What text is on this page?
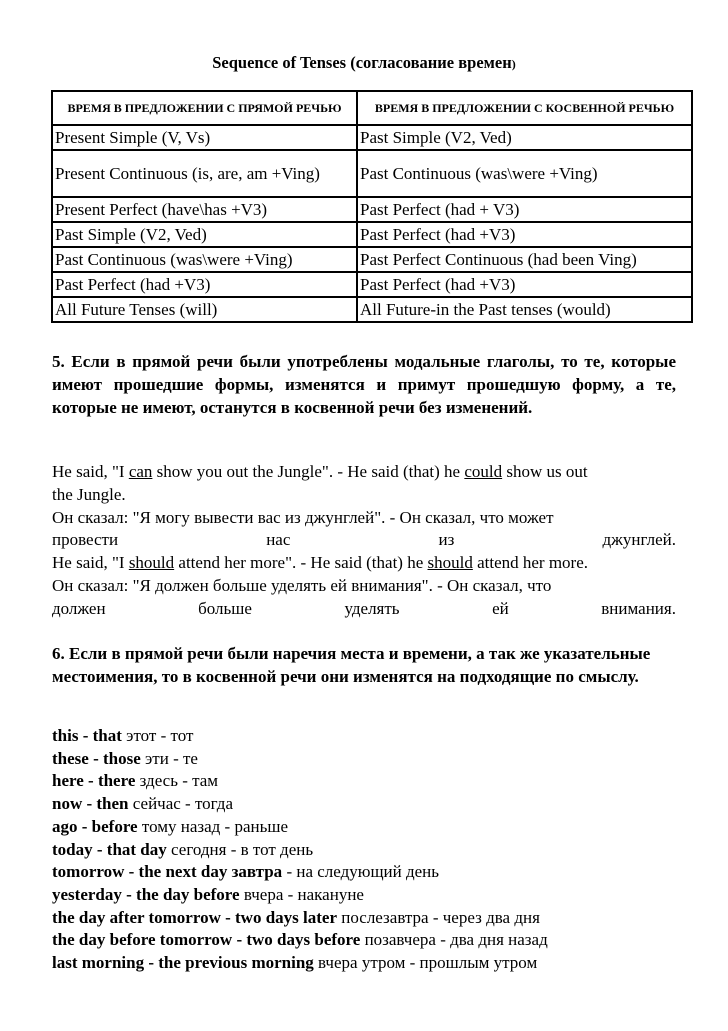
Sequence of Tenses (согласование времен)
ВРЕМЯ В ПРЕДЛОЖЕНИИ С ПРЯМОЙ РЕЧЬЮ	ВРЕМЯ В ПРЕДЛОЖЕНИИ С КОСВЕННОЙ РЕЧЬЮ
Present Simple (V, Vs)	Past Simple (V2, Ved)
Present Continuous (is, are, am +Ving)	Past Continuous (was\were +Ving)
Present Perfect (have\has +V3)	Past Perfect (had + V3)
Past Simple (V2, Ved)	Past Perfect (had +V3)
Past Continuous (was\were +Ving)	Past Perfect Continuous (had been Ving)
Past Perfect (had +V3)	Past Perfect (had +V3)
All Future Tenses (will)	All Future-in the Past tenses (would)
5. Если в прямой речи были употреблены модальные глаголы, то те, которые имеют прошедшие формы, изменятся и примут прошедшую форму, а те, которые не имеют, останутся в косвенной речи без изменений.
He said, "I can show you out the Jungle". - He said (that) he could show us out
the Jungle.
Он сказал: "Я могу вывести вас из джунглей". - Он сказал, что может
провести	нас	из	джунглей.
He said, "I should attend her more". - He said (that) he should attend her more.
Он сказал: "Я должен больше уделять ей внимания". - Он сказал, что
должен	больше	уделять	ей	внимания.
6. Если в прямой речи были наречия места и времени, а так же указательные местоимения, то в косвенной речи они изменятся на подходящие по смыслу.
this - that этот - тот
these - those эти - те
here - there здесь - там
now - then сейчас - тогда
ago - before тому назад - раньше
today - that day сегодня - в тот день
tomorrow - the next day завтра - на следующий день
yesterday - the day before вчера - накануне
the day after tomorrow - two days later послезавтра - через два дня
the day before tomorrow - two days before позавчера - два дня назад
last morning - the previous morning вчера утром - прошлым утром
